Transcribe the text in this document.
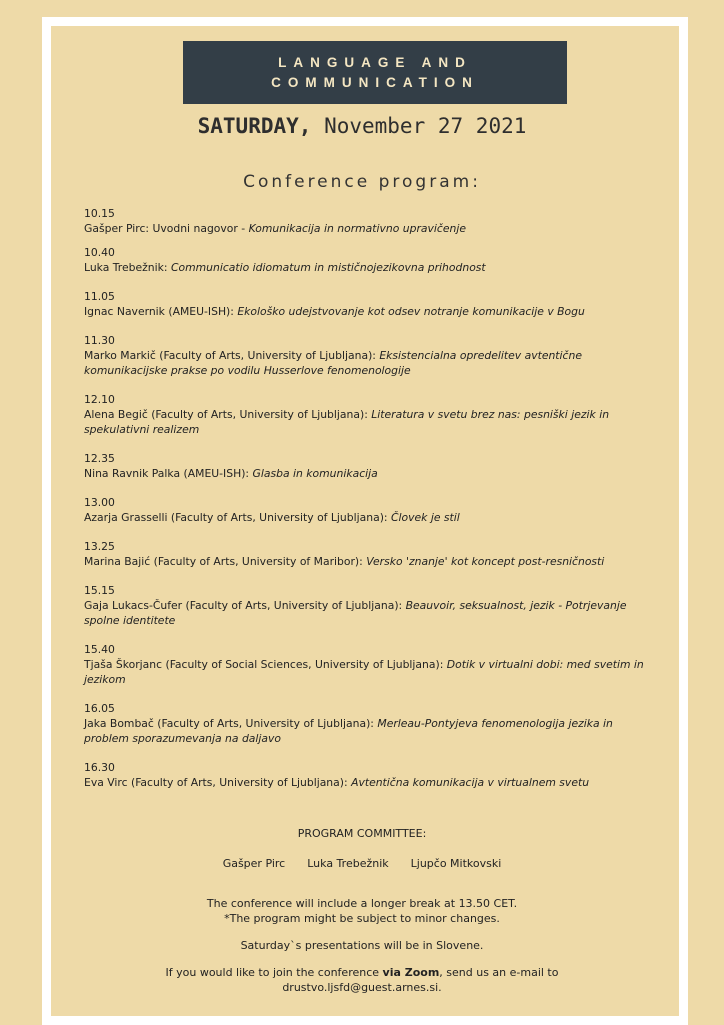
LANGUAGE AND
COMMUNICATION
SATURDAY, November 27 2021
Conference program:
10.15
Gašper Pirc: Uvodni nagovor - Komunikacija in normativno upravičenje
10.40
Luka Trebežnik: Communicatio idiomatum in mističnojezikovna prihodnost
11.05
Ignac Navernik (AMEU-ISH): Ekološko udejstvovanje kot odsev notranje komunikacije v Bogu
11.30
Marko Markič (Faculty of Arts, University of Ljubljana): Eksistencialna opredelitev avtentične komunikacijske prakse po vodilu Husserlove fenomenologije
12.10
Alena Begič (Faculty of Arts, University of Ljubljana): Literatura v svetu brez nas: pesniški jezik in spekulativni realizem
12.35
Nina Ravnik Palka (AMEU-ISH): Glasba in komunikacija
13.00
Azarja Grasselli (Faculty of Arts, University of Ljubljana): Človek je stil
13.25
Marina Bajić (Faculty of Arts, University of Maribor): Versko 'znanje' kot koncept post-resničnosti
15.15
Gaja Lukacs-Čufer (Faculty of Arts, University of Ljubljana): Beauvoir, seksualnost, jezik - Potrjevanje spolne identitete
15.40
Tjaša Škorjanc (Faculty of Social Sciences, University of Ljubljana): Dotik v virtualni dobi: med svetim in jezikom
16.05
Jaka Bombač (Faculty of Arts, University of Ljubljana): Merleau-Pontyjeva fenomenologija jezika in problem sporazumevanja na daljavo
16.30
Eva Virc (Faculty of Arts, University of Ljubljana): Avtentična komunikacija v virtualnem svetu
PROGRAM COMMITTEE:
Gašper Pirc Luka Trebežnik Ljupčo Mitkovski

The conference will include a longer break at 13.50 CET.

*The program might be subject to minor changes.

Saturday`s presentations will be in Slovene.

If you would like to join the conference via Zoom, send us an e-mail to

drustvo.ljsfd@guest.arnes.si.
